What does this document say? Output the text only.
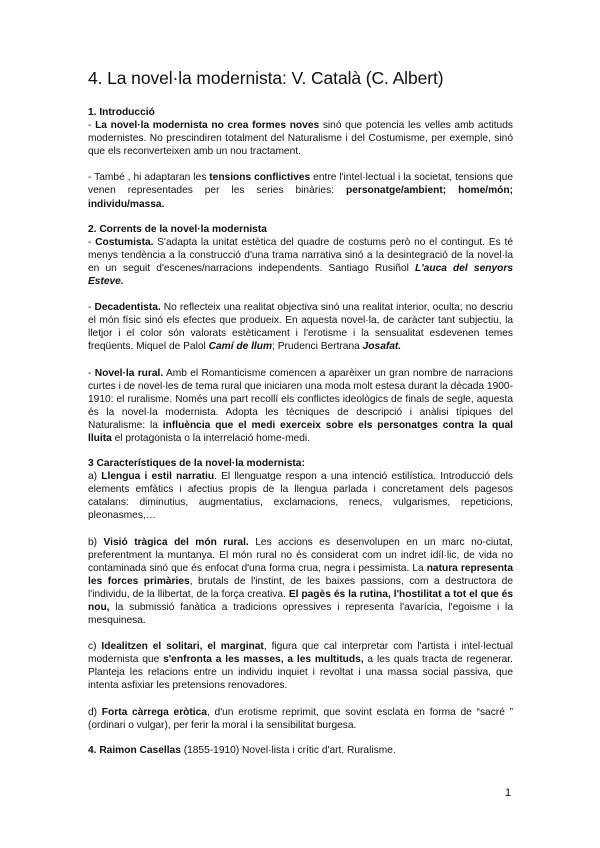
4. La novel·la modernista: V. Català (C. Albert)
1. Introducció

- La novel·la modernista no crea formes noves sinó que potencia les velles amb actituds modernistes. No prescindiren totalment del Naturalisme i del Costumisme, per exemple, sinó que els reconverteixen amb un nou tractament.

- També , hi adaptaran les tensions conflictives entre l'intel·lectual i la societat, tensions que venen representades per les series binàries: personatge/ambient; home/món; individu/massa.

2. Corrents de la novel·la modernista

- Costumista. S'adapta la unitat estètica del quadre de costums però no el contingut. Es té menys tendència a la construcció d'una trama narrativa sinó a la desintegració de la novel·la en un seguit d'escenes/narracions independents. Santiago Rusiñol L'auca del senyors Esteve.

- Decadentista. No reflecteix una realitat objectiva sinó una realitat interior, oculta; no descriu el món físic sinó els efectes que produeix. En aquesta novel·la, de caràcter tant subjectiu, la lletjor i el color són valorats estèticament i l'erotisme i la sensualitat esdevenen temes freqüents. Miquel de Palol Camí de llum; Prudenci Bertrana Josafat.

- Novel·la rural. Amb el Romanticisme comencen a aparèixer un gran nombre de narracions curtes i de novel·les de tema rural que iniciaren una moda molt estesa durant la dècada 1900-1910: el ruralisme. Només una part recollí els conflictes ideològics de finals de segle, aquesta és la novel·la modernista. Adopta les tècniques de descripció i anàlisi típiques del Naturalisme: la influència que el medi exerceix sobre els personatges contra la qual lluita el protagonista o la interrelació home-medi.

3 Característiques de la novel·la modernista:

a) Llengua i estil narratiu. El llenguatge respon a una intenció estilística. Introducció dels elements emfàtics i afectius propis de la llengua parlada i concretament dels pagesos catalans: diminutius, augmentatius, exclamacions, renecs, vulgarismes, repeticions, pleonasmes,…

b) Visió tràgica del món rural. Les accions es desenvolupen en un marc no-ciutat, preferentment la muntanya. El món rural no és considerat com un indret idíl·lic, de vida no contaminada sinó que és enfocat d'una forma crua, negra i pessimista. La natura representa les forces primàries, brutals de l'instint, de les baixes passions, com a destructora de l'individu, de la llibertat, de la força creativa. El pagès és la rutina, l'hostilitat a tot el que és nou, la submissió fanàtica a tradicions opressives i representa l'avarícia, l'egoisme i la mesquinesa.

c) Idealitzen el solitari, el marginat, figura que cal interpretar com l'artista i intel·lectual modernista que s'enfronta a les masses, a les multituds, a les quals tracta de regenerar. Planteja les relacions entre un individu inquiet i revoltat i una massa social passiva, que intenta asfixiar les pretensions renovadores.

d) Forta càrrega eròtica, d'un erotisme reprimit, que sovint esclata en forma de “sacré ” (ordinari o vulgar), per ferir la moral i la sensibilitat burgesa.

4. Raimon Casellas (1855-1910) Novel·lista i crític d'art. Ruralisme.

1
